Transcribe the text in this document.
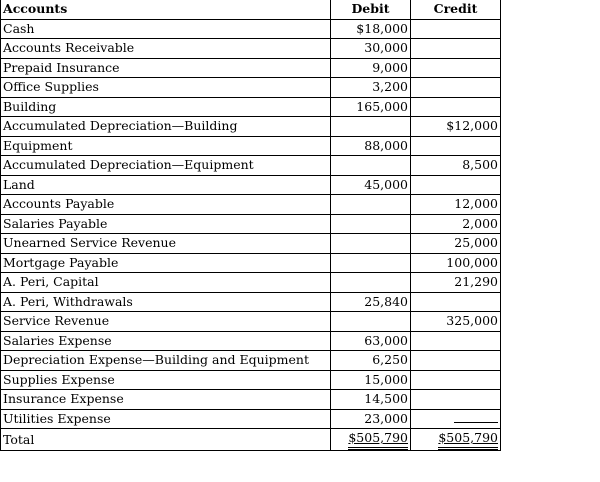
Accounts	Debit	Credit
Cash	$18,000	
Accounts Receivable	30,000	
Prepaid Insurance	9,000	
Office Supplies	3,200	
Building	165,000	
Accumulated Depreciation—Building		$12,000
Equipment	88,000	
Accumulated Depreciation—Equipment		8,500
Land	45,000	
Accounts Payable		12,000
Salaries Payable		2,000
Unearned Service Revenue		25,000
Mortgage Payable		100,000
A. Peri, Capital		21,290
A. Peri, Withdrawals	25,840	
Service Revenue		325,000
Salaries Expense	63,000	
Depreciation Expense—Building and Equipment	6,250	
Supplies Expense	15,000	
Insurance Expense	14,500	
Utilities Expense	23,000	
Total	$505,790	$505,790
